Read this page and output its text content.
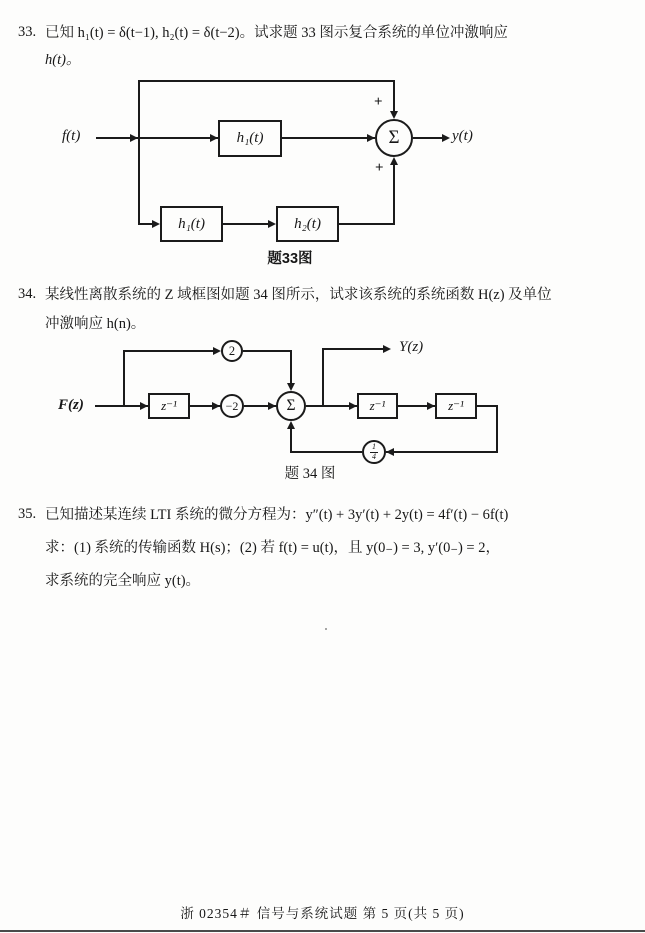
33. 已知 h₁(t) = δ(t−1), h₂(t) = δ(t−2)。试求题 33 图示复合系统的单位冲激响应
h(t)。
h₁(t)
h₁(t)	h₂(t)
Σ
f(t)	y(t)
+
+
题33图
34. 某线性离散系统的 Z 域框图如题 34 图所示，试求该系统的系统函数 H(z) 及单位
冲激响应 h(n)。
z⁻¹	z⁻¹	z⁻¹
2
−2	Σ
$\frac{1}{4}$
F(z)
Y(z)
题 34 图
35. 已知描述某连续 LTI 系统的微分方程为：y″(t) + 3y′(t) + 2y(t) = 4f′(t) − 6f(t)
求：(1) 系统的传输函数 H(s)；(2) 若 f(t) = u(t)，且 y(0₋) = 3, y′(0₋) = 2，
求系统的完全响应 y(t)。
浙 02354＃ 信号与系统试题 第 5 页(共 5 页)
